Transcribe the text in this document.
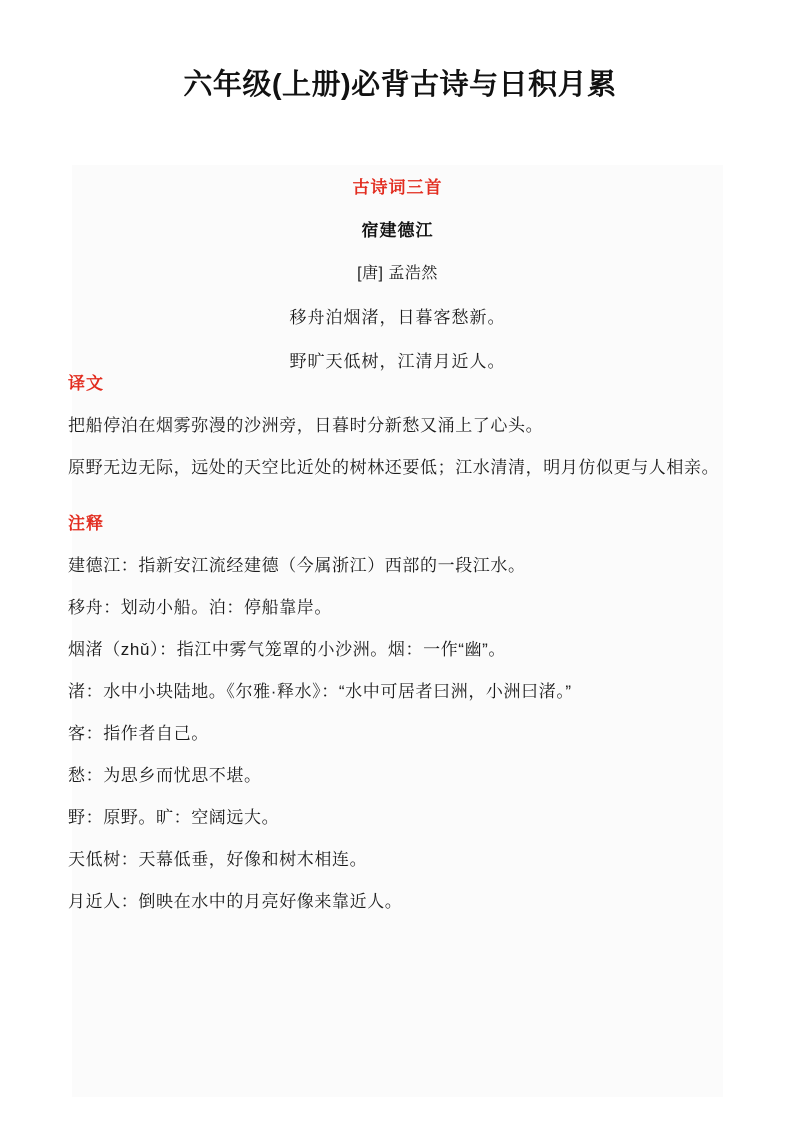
六年级(上册)必背古诗与日积月累
古诗词三首
宿建德江
[唐] 孟浩然
移舟泊烟渚，日暮客愁新。
野旷天低树，江清月近人。
译文

把船停泊在烟雾弥漫的沙洲旁，日暮时分新愁又涌上了心头。

原野无边无际，远处的天空比近处的树林还要低；江水清清，明月仿似更与人相亲。

注释

建德江：指新安江流经建德（今属浙江）西部的一段江水。

移舟：划动小船。泊：停船靠岸。

烟渚（zhǔ）：指江中雾气笼罩的小沙洲。烟：一作“幽”。

渚：水中小块陆地。《尔雅·释水》：“水中可居者曰洲，小洲曰渚。”

客：指作者自己。

愁：为思乡而忧思不堪。

野：原野。旷：空阔远大。

天低树：天幕低垂，好像和树木相连。

月近人：倒映在水中的月亮好像来靠近人。
